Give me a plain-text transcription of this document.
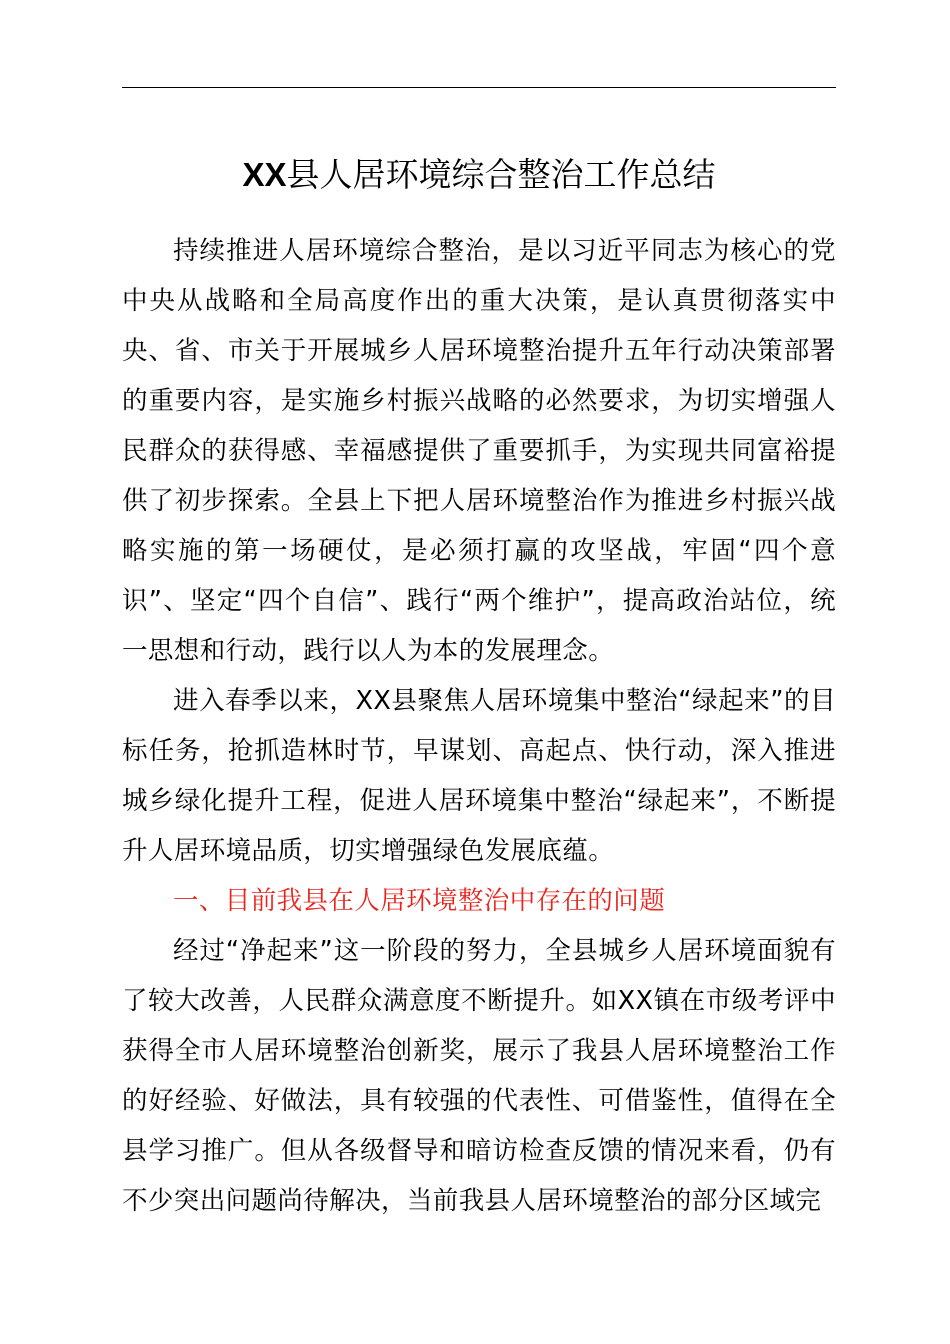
XX县人居环境综合整治工作总结

持续推进人居环境综合整治，是以习近平同志为核心的党中央从战略和全局高度作出的重大决策，是认真贯彻落实中央、省、市关于开展城乡人居环境整治提升五年行动决策部署的重要内容，是实施乡村振兴战略的必然要求，为切实增强人民群众的获得感、幸福感提供了重要抓手，为实现共同富裕提供了初步探索。全县上下把人居环境整治作为推进乡村振兴战略实施的第一场硬仗，是必须打赢的攻坚战，牢固“四个意识”、坚定“四个自信”、践行“两个维护”，提高政治站位，统一思想和行动，践行以人为本的发展理念。

进入春季以来，XX县聚焦人居环境集中整治“绿起来”的目标任务，抢抓造林时节，早谋划、高起点、快行动，深入推进城乡绿化提升工程，促进人居环境集中整治“绿起来”，不断提升人居环境品质，切实增强绿色发展底蕴。

一、目前我县在人居环境整治中存在的问题

经过“净起来”这一阶段的努力，全县城乡人居环境面貌有了较大改善，人民群众满意度不断提升。如XX镇在市级考评中获得全市人居环境整治创新奖，展示了我县人居环境整治工作的好经验、好做法，具有较强的代表性、可借鉴性，值得在全县学习推广。但从各级督导和暗访检查反馈的情况来看，仍有不少突出问题尚待解决，当前我县人居环境整治的部分区域完
